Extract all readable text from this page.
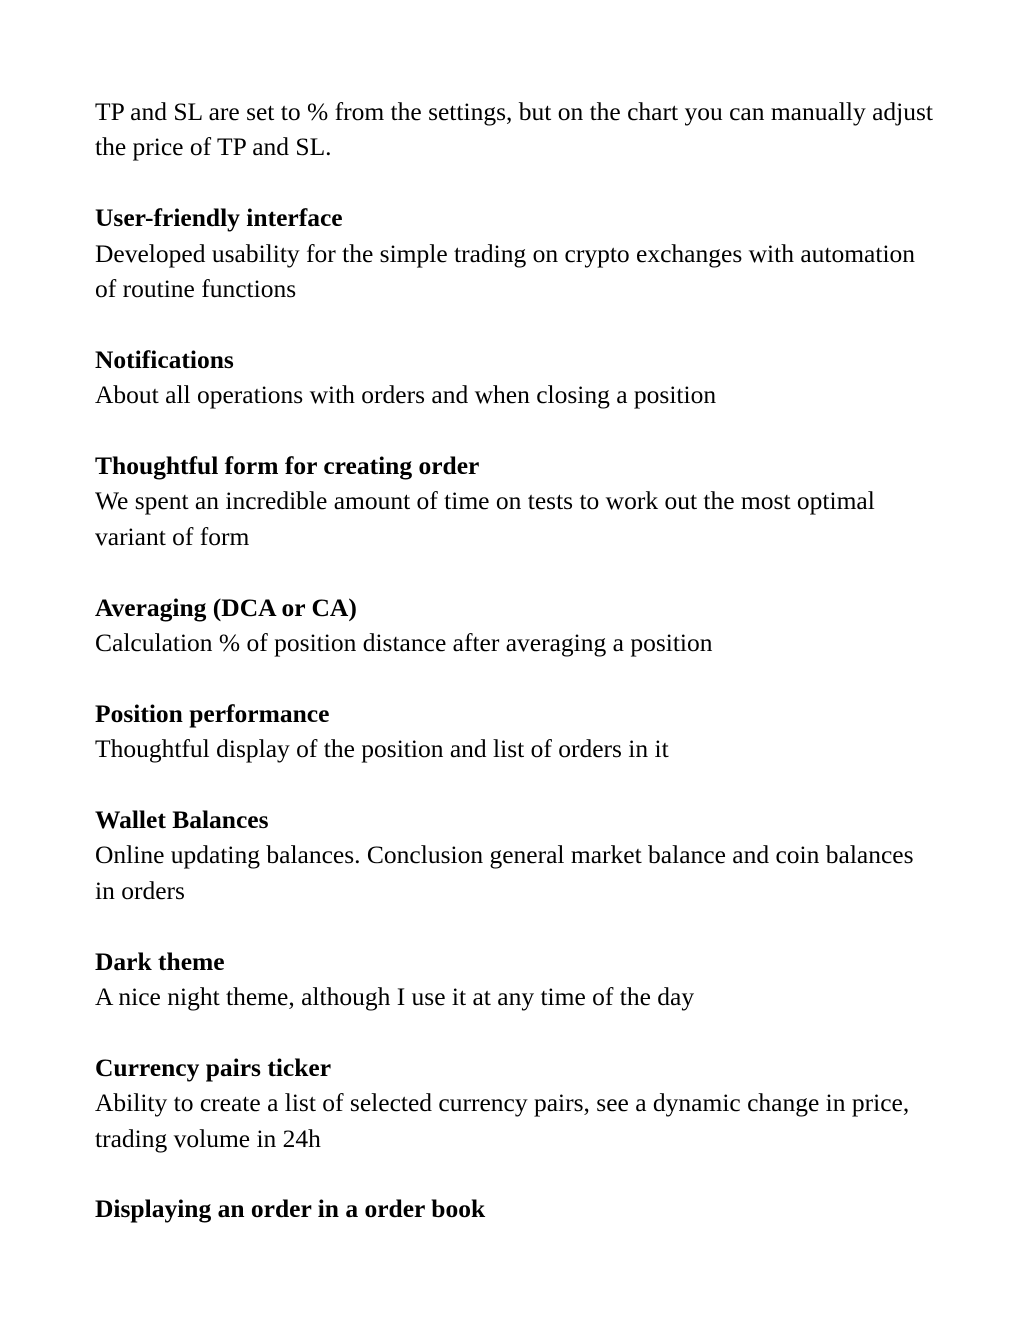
TP and SL are set to % from the settings, but on the chart you can manually adjust the price of TP and SL.

User-friendly interface

Developed usability for the simple trading on crypto exchanges with automation of routine functions

Notifications

About all operations with orders and when closing a position

Thoughtful form for creating order

We spent an incredible amount of time on tests to work out the most optimal variant of form

Averaging (DCA or CA)

Calculation % of position distance after averaging a position

Position performance

Thoughtful display of the position and list of orders in it

Wallet Balances

Online updating balances. Conclusion general market balance and coin balances in orders

Dark theme

A nice night theme, although I use it at any time of the day

Currency pairs ticker

Ability to create a list of selected currency pairs, see a dynamic change in price, trading volume in 24h

Displaying an order in a order book
